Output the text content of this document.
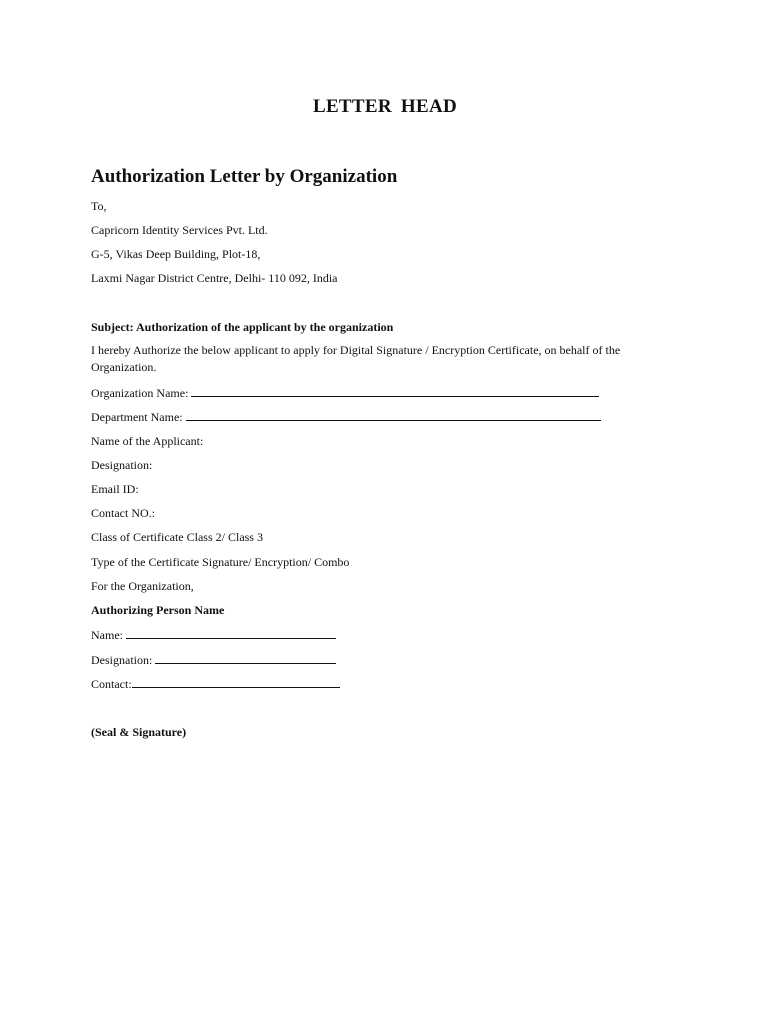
LETTER HEAD
Authorization Letter by Organization
To,
Capricorn Identity Services Pvt. Ltd.
G-5, Vikas Deep Building, Plot-18,
Laxmi Nagar District Centre, Delhi- 110 092, India
Subject: Authorization of the applicant by the organization
I hereby Authorize the below applicant to apply for Digital Signature / Encryption Certificate, on behalf of the Organization.
Organization Name:
Department Name:
Name of the Applicant:
Designation:
Email ID:
Contact NO.:
Class of Certificate Class 2/ Class 3
Type of the Certificate Signature/ Encryption/ Combo
For the Organization,
Authorizing Person Name
Name:
Designation:
Contact:
(Seal & Signature)
